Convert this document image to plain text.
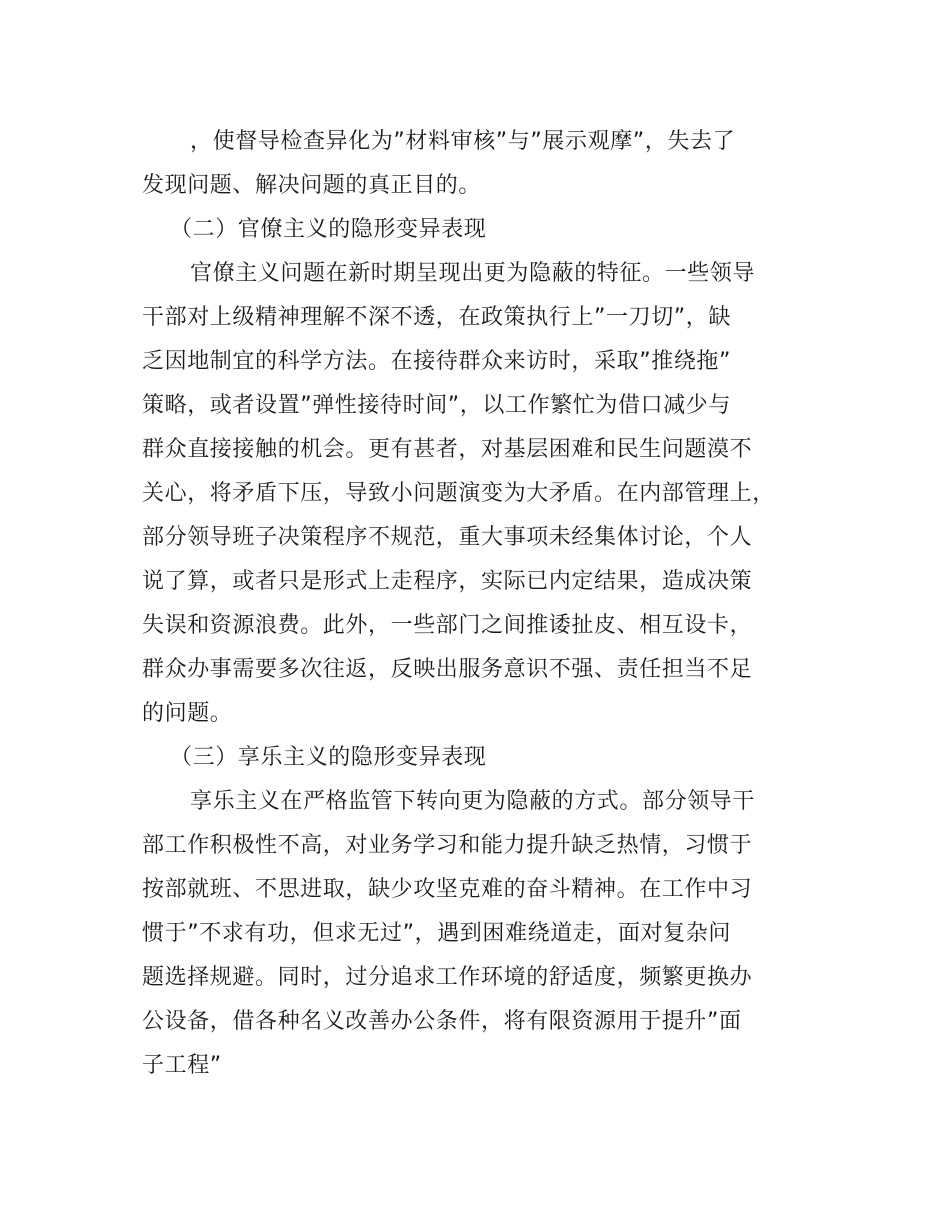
，使督导检查异化为”材料审核”与”展示观摩”，失去了
发现问题、解决问题的真正目的。

（二）官僚主义的隐形变异表现

官僚主义问题在新时期呈现出更为隐蔽的特征。一些领导
干部对上级精神理解不深不透，在政策执行上”一刀切”，缺
乏因地制宜的科学方法。在接待群众来访时，采取”推绕拖”
策略，或者设置”弹性接待时间”，以工作繁忙为借口减少与
群众直接接触的机会。更有甚者，对基层困难和民生问题漠不
关心，将矛盾下压，导致小问题演变为大矛盾。在内部管理上，
部分领导班子决策程序不规范，重大事项未经集体讨论，个人
说了算，或者只是形式上走程序，实际已内定结果，造成决策
失误和资源浪费。此外，一些部门之间推诿扯皮、相互设卡，
群众办事需要多次往返，反映出服务意识不强、责任担当不足
的问题。

（三）享乐主义的隐形变异表现

享乐主义在严格监管下转向更为隐蔽的方式。部分领导干
部工作积极性不高，对业务学习和能力提升缺乏热情，习惯于
按部就班、不思进取，缺少攻坚克难的奋斗精神。在工作中习
惯于”不求有功，但求无过”，遇到困难绕道走，面对复杂问
题选择规避。同时，过分追求工作环境的舒适度，频繁更换办
公设备，借各种名义改善办公条件，将有限资源用于提升”面
子工程”
